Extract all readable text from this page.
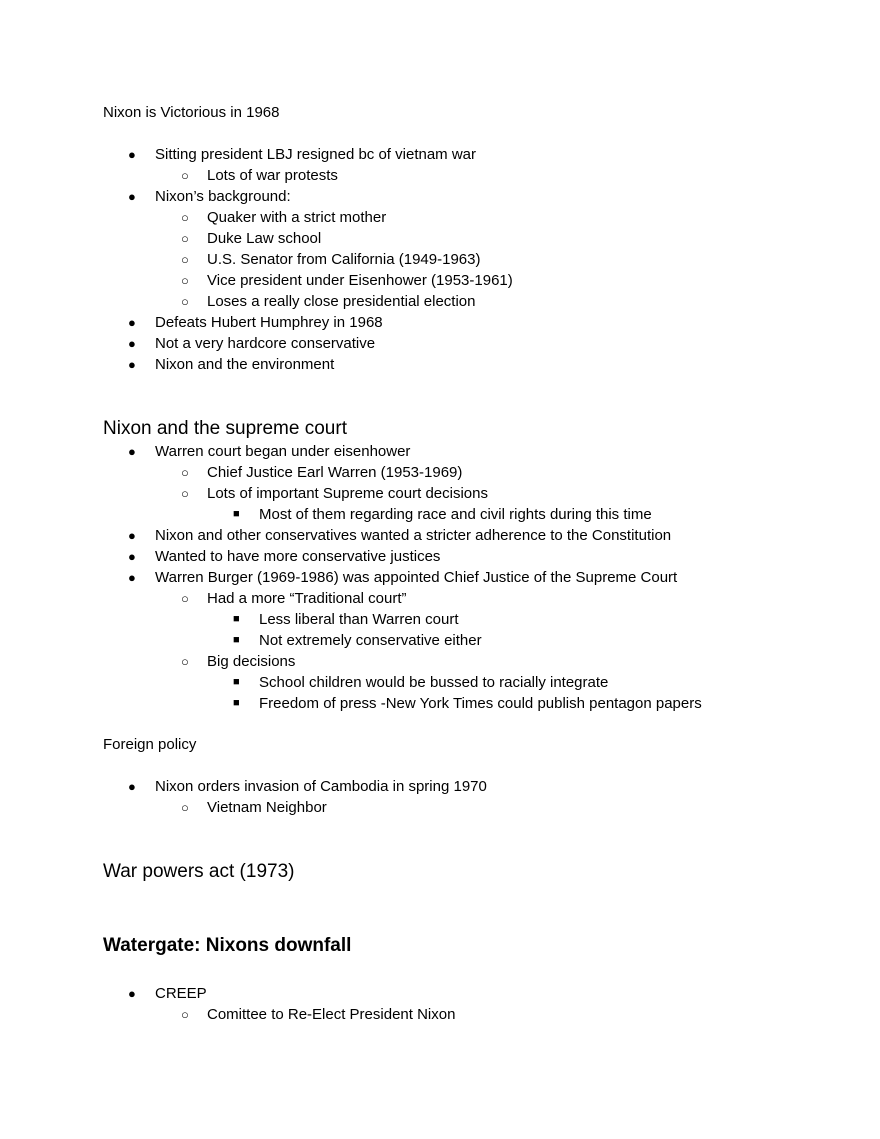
Nixon is Victorious in 1968
● Sitting president LBJ resigned bc of vietnam war
○ Lots of war protests
● Nixon’s background:
○ Quaker with a strict mother
○ Duke Law school
○ U.S. Senator from California (1949-1963)
○ Vice president under Eisenhower (1953-1961)
○ Loses a really close presidential election
● Defeats Hubert Humphrey in 1968
● Not a very hardcore conservative
● Nixon and the environment
Nixon and the supreme court
● Warren court began under eisenhower
○ Chief Justice Earl Warren (1953-1969)
○ Lots of important Supreme court decisions
■ Most of them regarding race and civil rights during this time
● Nixon and other conservatives wanted a stricter adherence to the Constitution
● Wanted to have more conservative justices
● Warren Burger (1969-1986) was appointed Chief Justice of the Supreme Court
○ Had a more “Traditional court”
■ Less liberal than Warren court
■ Not extremely conservative either
○ Big decisions
■ School children would be bussed to racially integrate
■ Freedom of press -New York Times could publish pentagon papers
Foreign policy
● Nixon orders invasion of Cambodia in spring 1970
○ Vietnam Neighbor
War powers act (1973)
Watergate: Nixons downfall
● CREEP
○ Comittee to Re-Elect President Nixon
